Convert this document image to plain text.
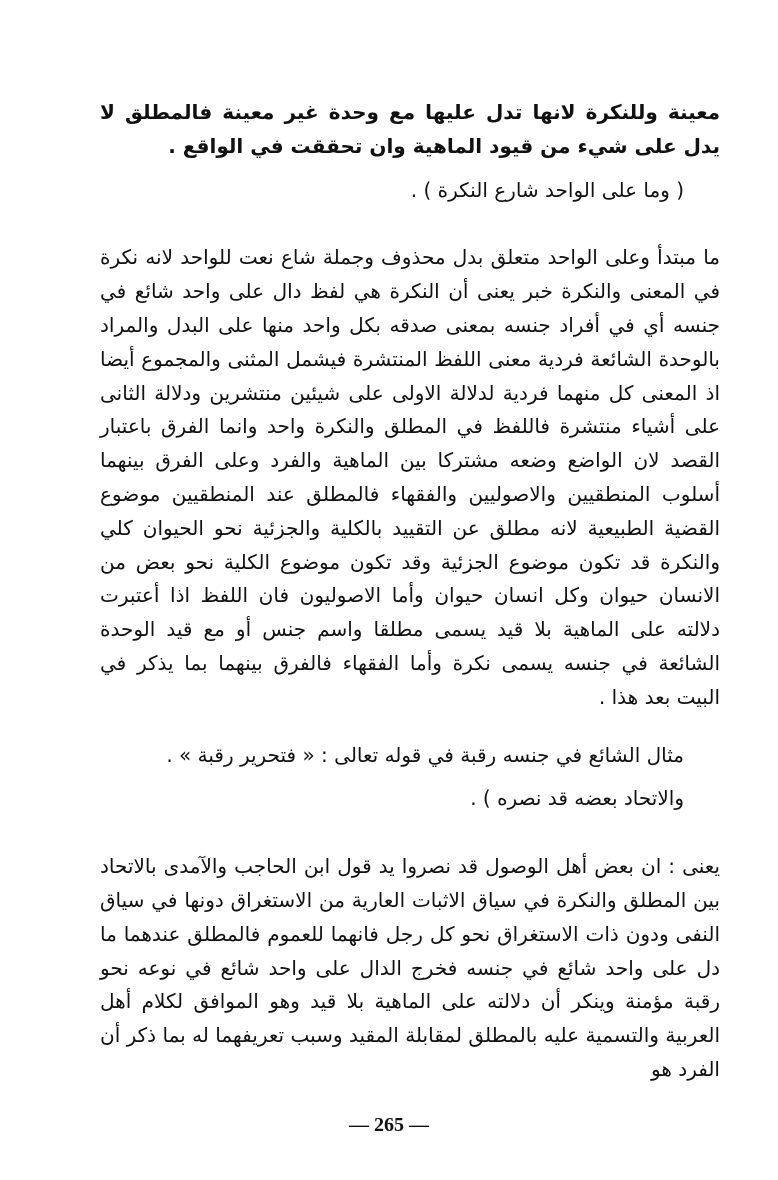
معينة وللنكرة لانها تدل عليها مع وحدة غير معينة فالمطلق لا يدل على شيء من قيود الماهية وان تحققت في الواقع .

( وما على الواحد شارع النكرة ) .

ما مبتدأ وعلى الواحد متعلق بدل محذوف وجملة شاع نعت للواحد لانه نكرة في المعنى والنكرة خبر يعنى أن النكرة هي لفظ دال على واحد شائع في جنسه أي في أفراد جنسه بمعنى صدقه بكل واحد منها على البدل والمراد بالوحدة الشائعة فردية معنى اللفظ المنتشرة فيشمل المثنى والمجموع أيضا اذ المعنى كل منهما فردية لدلالة الاولى على شيئين منتشرين ودلالة الثانى على أشياء منتشرة فاللفظ في المطلق والنكرة واحد وانما الفرق باعتبار القصد لان الواضع وضعه مشتركا بين الماهية والفرد وعلى الفرق بينهما أسلوب المنطقيين والاصوليين والفقهاء فالمطلق عند المنطقيين موضوع القضية الطبيعية لانه مطلق عن التقييد بالكلية والجزئية نحو الحيوان كلي والنكرة قد تكون موضوع الجزئية وقد تكون موضوع الكلية نحو بعض من الانسان حيوان وكل انسان حيوان وأما الاصوليون فان اللفظ اذا أعتبرت دلالته على الماهية بلا قيد يسمى مطلقا واسم جنس أو مع قيد الوحدة الشائعة في جنسه يسمى نكرة وأما الفقهاء فالفرق بينهما بما يذكر في البيت بعد هذا .

مثال الشائع في جنسه رقبة في قوله تعالى : « فتحرير رقبة » .

والاتحاد بعضه قد نصره ) .

يعنى : ان بعض أهل الوصول قد نصروا يد قول ابن الحاجب والآمدى بالاتحاد بين المطلق والنكرة في سياق الاثبات العارية من الاستغراق دونها في سياق النفى ودون ذات الاستغراق نحو كل رجل فانهما للعموم فالمطلق عندهما ما دل على واحد شائع في جنسه فخرج الدال على واحد شائع في نوعه نحو رقبة مؤمنة وينكر أن دلالته على الماهية بلا قيد وهو الموافق لكلام أهل العربية والتسمية عليه بالمطلق لمقابلة المقيد وسبب تعريفهما له بما ذكر أن الفرد هو

— 265 —
